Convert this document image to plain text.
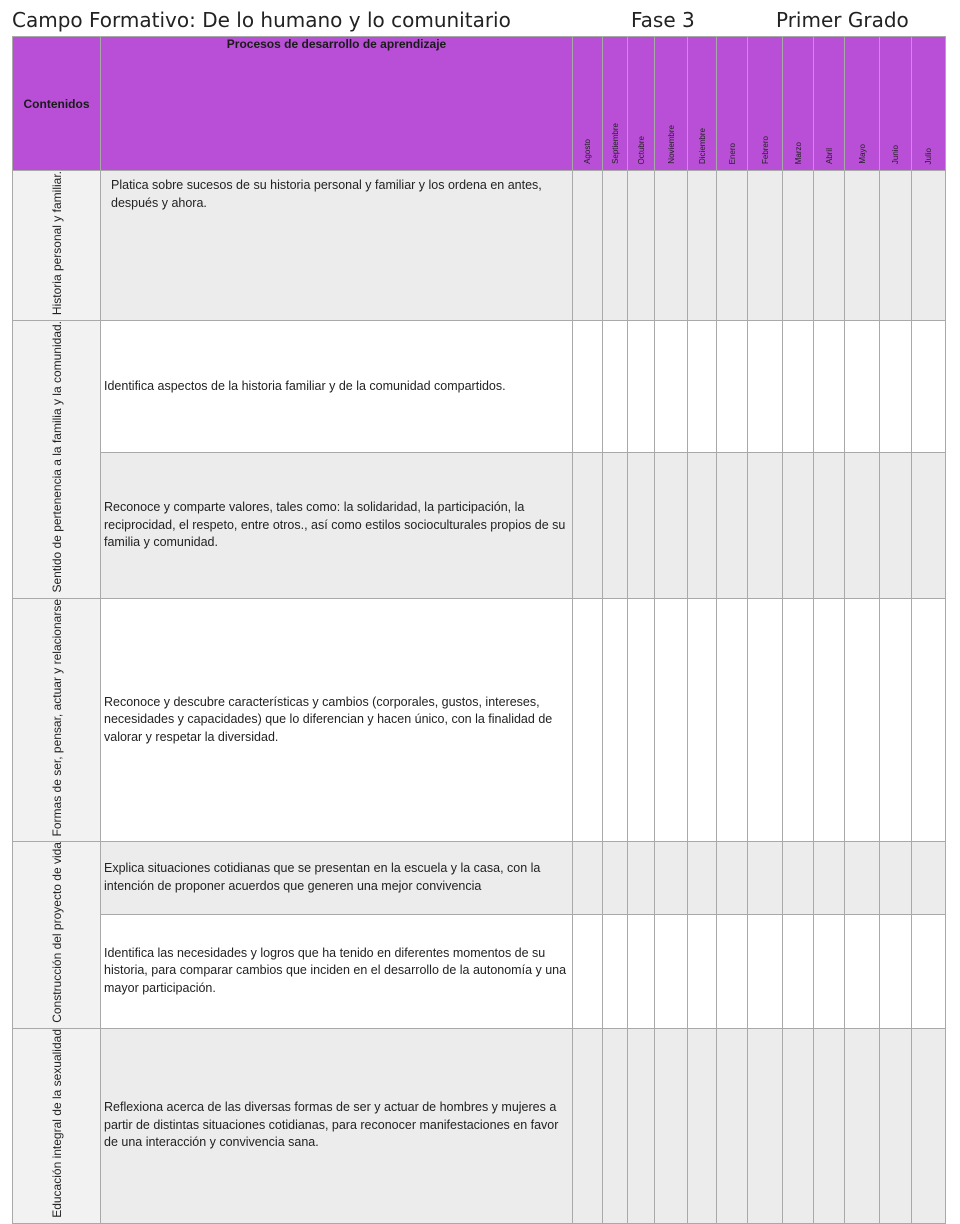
Campo Formativo: De lo humano y lo comunitario	Fase 3	Primer Grado
Contenidos	Procesos de desarrollo de aprendizaje	Agosto	Septiembre	Octubre	Noviembre	Diciembre	Enero	Febrero	Marzo	Abril	Mayo	Junio	Julio

Historia personal y familiar.	Platica sobre sucesos de su historia personal y familiar y los ordena en antes, después y ahora.												
Sentido de pertenencia a la familia y la comunidad.	Identifica aspectos de la historia familiar y de la comunidad compartidos.												
	Reconoce y comparte valores, tales como: la solidaridad, la participación, la reciprocidad, el respeto, entre otros., así como estilos socioculturales propios de su familia y comunidad.												
Formas de ser, pensar, actuar y relacionarse	Reconoce y descubre características y cambios (corporales, gustos, intereses, necesidades y capacidades) que lo diferencian y hacen único, con la finalidad de valorar y respetar la diversidad.												
Construcción del proyecto de vida	Explica situaciones cotidianas que se presentan en la escuela y la casa, con la intención de proponer acuerdos que generen una mejor convivencia												
	Identifica las necesidades y logros que ha tenido en diferentes momentos de su historia, para comparar cambios que inciden en el desarrollo de la autonomía y una mayor participación.												
Educación integral de la sexualidad	Reflexiona acerca de las diversas formas de ser y actuar de hombres y mujeres a partir de distintas situaciones cotidianas, para reconocer manifestaciones en favor de una interacción y convivencia sana.												
